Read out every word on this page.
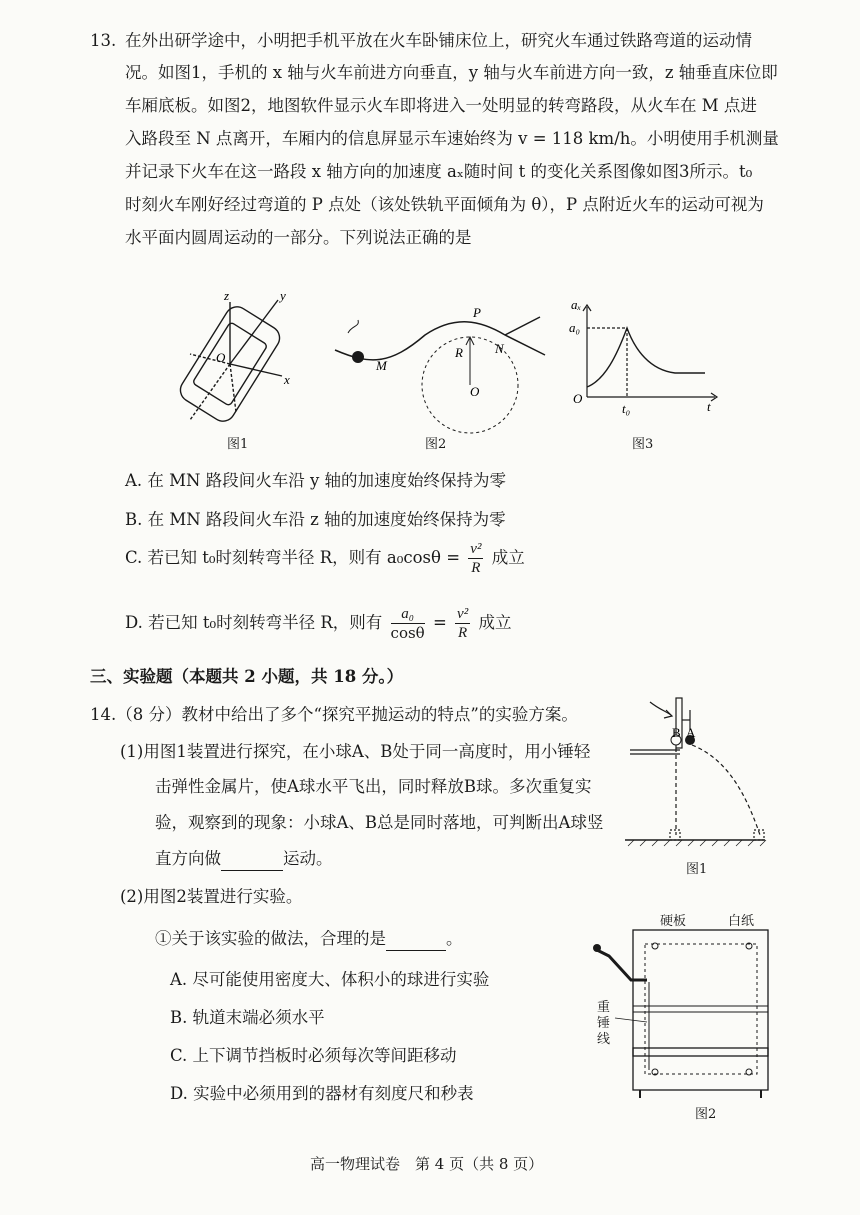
13. 在外出研学途中，小明把手机平放在火车卧铺床位上，研究火车通过铁路弯道的运动情
况。如图1，手机的 x 轴与火车前进方向垂直，y 轴与火车前进方向一致，z 轴垂直床位即
车厢底板。如图2，地图软件显示火车即将进入一处明显的转弯路段，从火车在 M 点进
入路段至 N 点离开，车厢内的信息屏显示车速始终为 v = 118 km/h。小明使用手机测量
并记录下火车在这一路段 x 轴方向的加速度 aₓ随时间 t 的变化关系图像如图3所示。t₀
时刻火车刚好经过弯道的 P 点处（该处铁轨平面倾角为 θ），P 点附近火车的运动可视为
水平面内圆周运动的一部分。下列说法正确的是
z	y
O
x
图1
M
P
R N
O
图2
aₓ
a₀
O
t₀	t
图3
A. 在 MN 路段间火车沿 y 轴的加速度始终保持为零
B. 在 MN 路段间火车沿 z 轴的加速度始终保持为零
C. 若已知 t₀时刻转弯半径 R，则有 $a_0\cos\theta = \frac{\text{v²}}{R}$ 成立
D. 若已知 t₀时刻转弯半径 R，则有 $\frac{\text{a₀}}{\cos\theta} = \frac{\text{v²}}{R}$ 成立
三、实验题（本题共 2 小题，共 18 分。）
14.（8 分）教材中给出了多个“探究平抛运动的特点”的实验方案。
(1)用图1装置进行探究，在小球A、B处于同一高度时，用小锤轻
击弹性金属片，使A球水平飞出，同时释放B球。多次重复实
验，观察到的现象：小球A、B总是同时落地，可判断出A球竖
直方向做	运动。
(2)用图2装置进行实验。
①关于该实验的做法，合理的是	。
A. 尽可能使用密度大、体积小的球进行实验
B. 轨道末端必须水平
C. 上下调节挡板时必须每次等间距移动
D. 实验中必须用到的器材有刻度尺和秒表
B A
图1
硬板	白纸
重锤线
图2
高一物理试卷　第 4 页（共 8 页）
